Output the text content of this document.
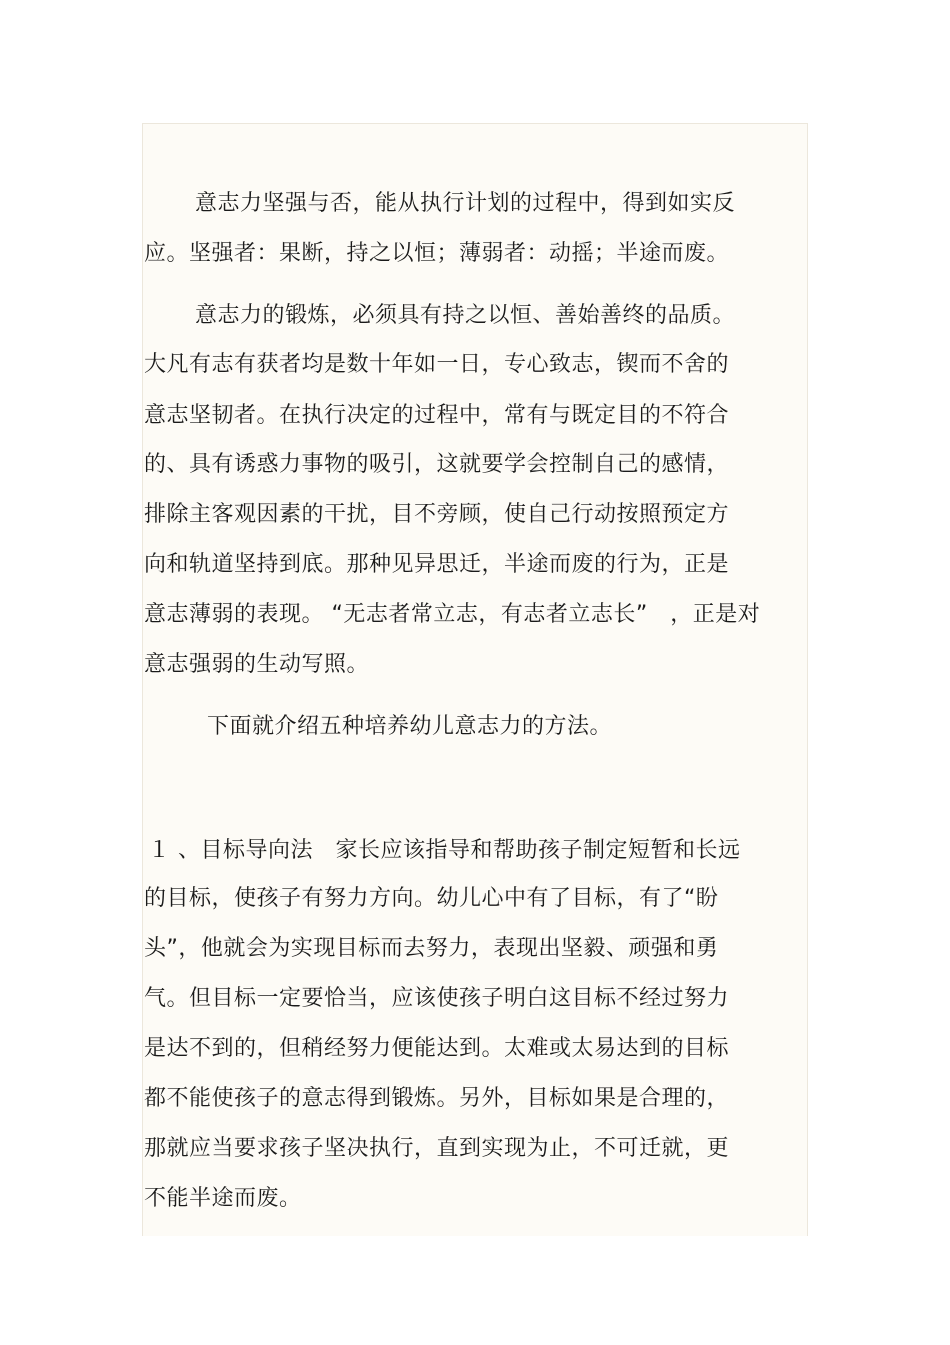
意志力坚强与否，能从执行计划的过程中，得到如实反
应。坚强者：果断，持之以恒；薄弱者：动摇；半途而废。
意志力的锻炼，必须具有持之以恒、善始善终的品质。
大凡有志有获者均是数十年如一日，专心致志，锲而不舍的
意志坚韧者。在执行决定的过程中，常有与既定目的不符合
的、具有诱惑力事物的吸引，这就要学会控制自己的感情，
排除主客观因素的干扰，目不旁顾，使自己行动按照预定方
向和轨道坚持到底。那种见异思迁，半途而废的行为，正是
意志薄弱的表现。 “无志者常立志，有志者立志长”　，正是对
意志强弱的生动写照。
下面就介绍五种培养幼儿意志力的方法。
１ 、目标导向法　家长应该指导和帮助孩子制定短暂和长远
的目标，使孩子有努力方向。幼儿心中有了目标，有了“盼
头”，他就会为实现目标而去努力，表现出坚毅、顽强和勇
气。但目标一定要恰当，应该使孩子明白这目标不经过努力
是达不到的，但稍经努力便能达到。太难或太易达到的目标
都不能使孩子的意志得到锻炼。另外，目标如果是合理的，
那就应当要求孩子坚决执行，直到实现为止，不可迁就，更
不能半途而废。
